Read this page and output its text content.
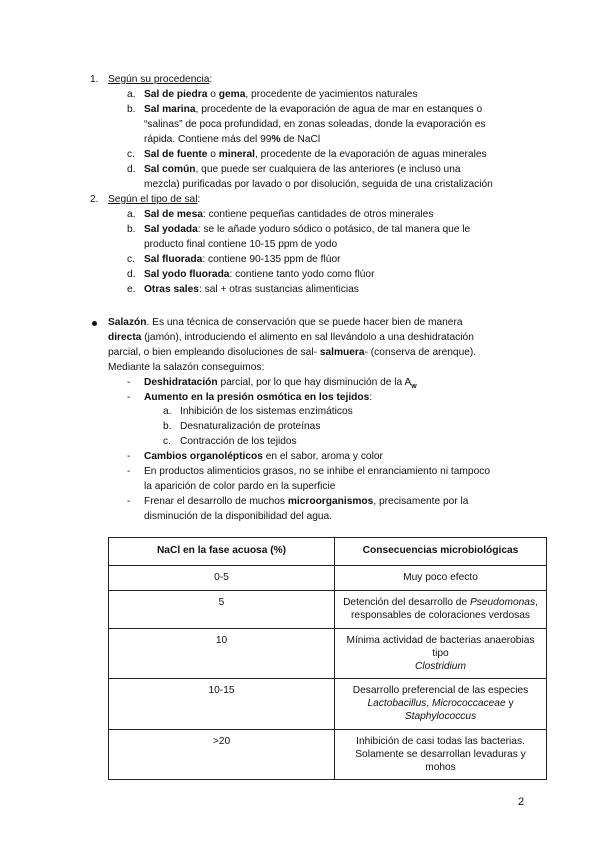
1. Según su procedencia:
a. Sal de piedra o gema, procedente de yacimientos naturales
b. Sal marina, procedente de la evaporación de agua de mar en estanques o
“salinas” de poca profundidad, en zonas soleadas, donde la evaporación es
rápida. Contiene más del 99% de NaCl
c. Sal de fuente o mineral, procedente de la evaporación de aguas minerales
d. Sal común, que puede ser cualquiera de las anteriores (e incluso una
mezcla) purificadas por lavado o por disolución, seguida de una cristalización
2. Según el tipo de sal:
a. Sal de mesa: contiene pequeñas cantidades de otros minerales
b. Sal yodada: se le añade yoduro sódico o potásico, de tal manera que le
producto final contiene 10-15 ppm de yodo
c. Sal fluorada: contiene 90-135 ppm de flúor
d. Sal yodo fluorada: contiene tanto yodo como flúor
e. Otras sales: sal + otras sustancias alimenticias
Salazón. Es una técnica de conservación que se puede hacer bien de manera
directa (jamón), introduciendo el alimento en sal llevándolo a una deshidratación
parcial, o bien empleando disoluciones de sal- salmuera- (conserva de arenque).
Mediante la salazón conseguimos:
- Deshidratación parcial, por lo que hay disminución de la $A_w$
- Aumento en la presión osmótica en los tejidos:
a. Inhibición de los sistemas enzimáticos
b. Desnaturalización de proteínas
c. Contracción de los tejidos
- Cambios organolépticos en el sabor, aroma y color
- En productos alimenticios grasos, no se inhibe el enranciamiento ni tampoco
la aparición de color pardo en la superficie
- Frenar el desarrollo de muchos microorganismos, precisamente por la
disminución de la disponibilidad del agua.
NaCl en la fase acuosa (%)	Consecuencias microbiológicas
0-5	Muy poco efecto
5	Detención del desarrollo de Pseudomonas,
responsables de coloraciones verdosas
10	Mínima actividad de bacterias anaerobias tipo
Clostridium
10-15	Desarrollo preferencial de las especies
Lactobacillus, Micrococcaceae y
Staphylococcus
>20	Inhibición de casi todas las bacterias.
Solamente se desarrollan levaduras y mohos
2
